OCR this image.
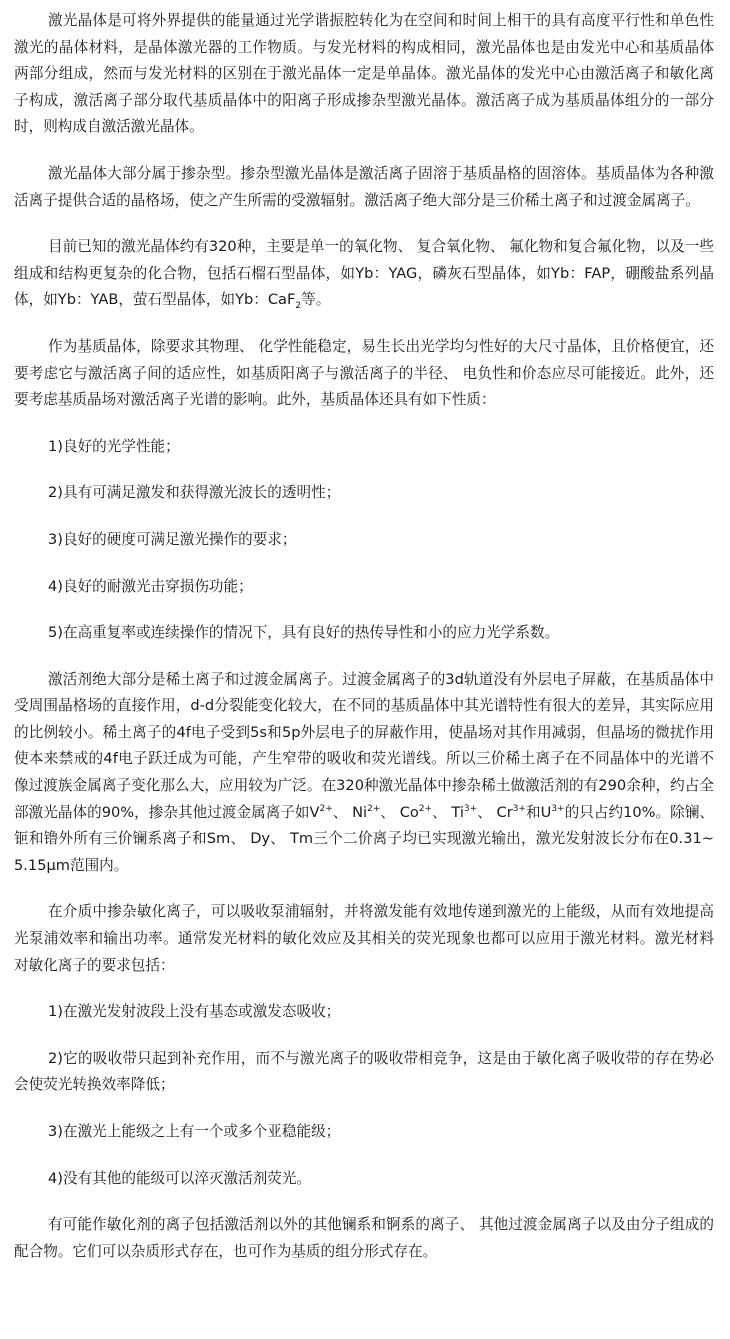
激光晶体是可将外界提供的能量通过光学谐振腔转化为在空间和时间上相干的具有高度平行性和单色性激光的晶体材料，是晶体激光器的工作物质。与发光材料的构成相同，激光晶体也是由发光中心和基质晶体两部分组成，然而与发光材料的区别在于激光晶体一定是单晶体。激光晶体的发光中心由激活离子和敏化离子构成，激活离子部分取代基质晶体中的阳离子形成掺杂型激光晶体。激活离子成为基质晶体组分的一部分时，则构成自激活激光晶体。

激光晶体大部分属于掺杂型。掺杂型激光晶体是激活离子固溶于基质晶格的固溶体。基质晶体为各种激活离子提供合适的晶格场，使之产生所需的受激辐射。激活离子绝大部分是三价稀土离子和过渡金属离子。

目前已知的激光晶体约有320种，主要是单一的氧化物、 复合氧化物、 氟化物和复合氟化物，以及一些组成和结构更复杂的化合物，包括石榴石型晶体，如Yb：YAG，磷灰石型晶体，如Yb：FAP，硼酸盐系列晶体，如Yb：YAB，萤石型晶体，如Yb：CaF$_2$等。

作为基质晶体，除要求其物理、 化学性能稳定，易生长出光学均匀性好的大尺寸晶体，且价格便宜，还要考虑它与激活离子间的适应性，如基质阳离子与激活离子的半径、 电负性和价态应尽可能接近。此外，还要考虑基质晶场对激活离子光谱的影响。此外，基质晶体还具有如下性质：

1)良好的光学性能；

2)具有可满足激发和获得激光波长的透明性；

3)良好的硬度可满足激光操作的要求；

4)良好的耐激光击穿损伤功能；

5)在高重复率或连续操作的情况下，具有良好的热传导性和小的应力光学系数。

激活剂绝大部分是稀土离子和过渡金属离子。过渡金属离子的3d轨道没有外层电子屏蔽，在基质晶体中受周围晶格场的直接作用，d-d分裂能变化较大，在不同的基质晶体中其光谱特性有很大的差异，其实际应用的比例较小。稀土离子的4f电子受到5s和5p外层电子的屏蔽作用，使晶场对其作用减弱，但晶场的微扰作用使本来禁戒的4f电子跃迁成为可能，产生窄带的吸收和荧光谱线。所以三价稀土离子在不同晶体中的光谱不像过渡族金属离子变化那么大，应用较为广泛。在320种激光晶体中掺杂稀土做激活剂的有290余种，约占全部激光晶体的90%，掺杂其他过渡金属离子如$V^{2+}$、 $Ni^{2+}$、 $Co^{2+}$、 $Ti^{3+}$、 $Cr^{3+}$和$U^{3+}$的只占约10%。除镧、 钷和镥外所有三价镧系离子和Sm、 Dy、 Tm三个二价离子均已实现激光输出，激光发射波长分布在0.31~5.15μm范围内。

在介质中掺杂敏化离子，可以吸收泵浦辐射，并将激发能有效地传递到激光的上能级，从而有效地提高光泵浦效率和输出功率。通常发光材料的敏化效应及其相关的荧光现象也都可以应用于激光材料。激光材料对敏化离子的要求包括：

1)在激光发射波段上没有基态或激发态吸收；

2)它的吸收带只起到补充作用，而不与激光离子的吸收带相竞争，这是由于敏化离子吸收带的存在势必会使荧光转换效率降低；

3)在激光上能级之上有一个或多个亚稳能级；

4)没有其他的能级可以淬灭激活剂荧光。

有可能作敏化剂的离子包括激活剂以外的其他镧系和锕系的离子、 其他过渡金属离子以及由分子组成的配合物。它们可以杂质形式存在，也可作为基质的组分形式存在。
